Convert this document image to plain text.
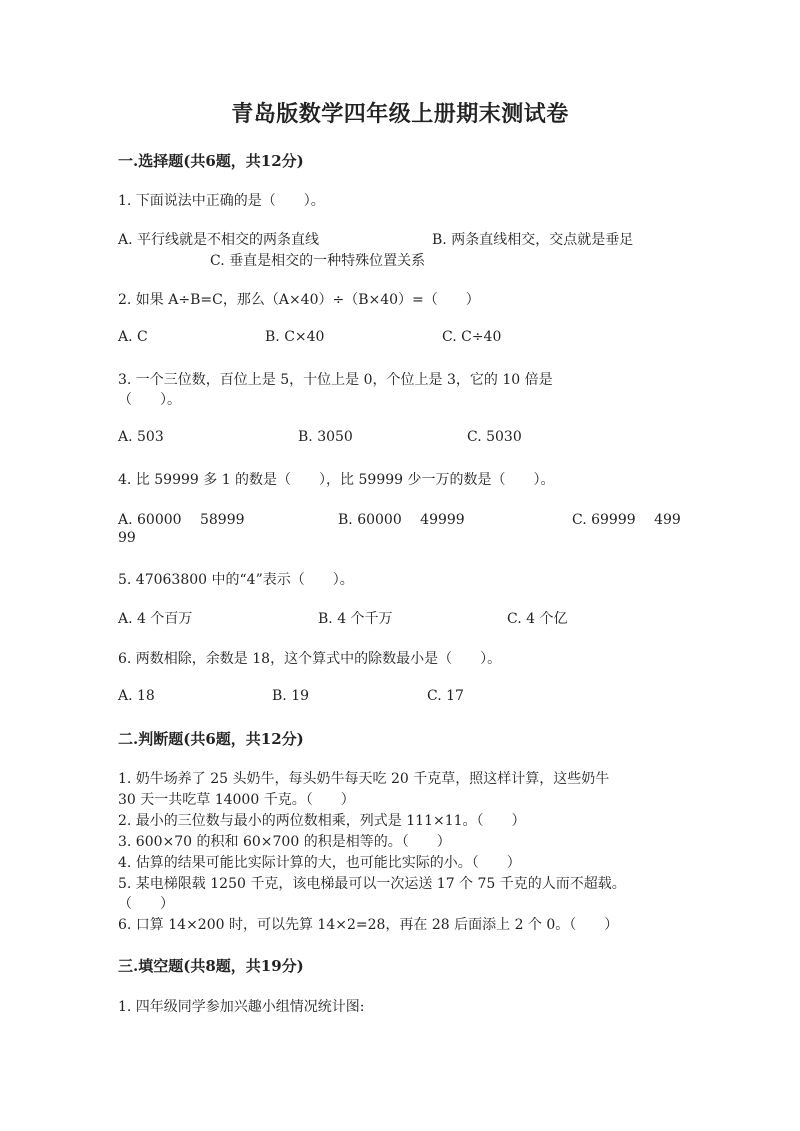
青岛版数学四年级上册期末测试卷
一.选择题(共6题，共12分)
1. 下面说法中正确的是（　　）。
A. 平行线就是不相交的两条直线	B. 两条直线相交，交点就是垂足
C. 垂直是相交的一种特殊位置关系
2. 如果 A÷B=C，那么（A×40）÷（B×40）=（　　）
A. C	B. C×40	C. C÷40
3. 一个三位数，百位上是 5，十位上是 0，个位上是 3，它的 10 倍是
（　　）。
A. 503	B. 3050	C. 5030
4. 比 59999 多 1 的数是（　　），比 59999 少一万的数是（　　）。
A. 60000　 58999	B. 60000　 49999	C. 69999　 499
99
5. 47063800 中的“4”表示（　　）。
A. 4 个百万	B. 4 个千万	C. 4 个亿
6. 两数相除，余数是 18，这个算式中的除数最小是（　　）。
A. 18	B. 19	C. 17
二.判断题(共6题，共12分)
1. 奶牛场养了 25 头奶牛，每头奶牛每天吃 20 千克草，照这样计算，这些奶牛
30 天一共吃草 14000 千克。（　　）
2. 最小的三位数与最小的两位数相乘，列式是 111×11。（　　）
3. 600×70 的积和 60×700 的积是相等的。（　　）
4. 估算的结果可能比实际计算的大，也可能比实际的小。（　　）
5. 某电梯限载 1250 千克，该电梯最可以一次运送 17 个 75 千克的人而不超载。
（　　）
6. 口算 14×200 时，可以先算 14×2=28，再在 28 后面添上 2 个 0。（　　）
三.填空题(共8题，共19分)
1. 四年级同学参加兴趣小组情况统计图:
